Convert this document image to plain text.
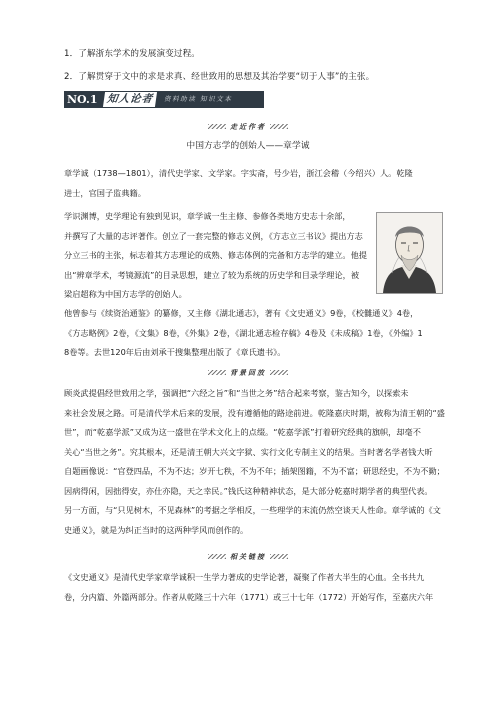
1．了解浙东学术的发展演变过程。
2．了解贯穿于文中的求是求真、经世致用的思想及其治学要“切于人事”的主张。
NO.1 知人论者	资料助读 知识文本
走近作者
中国方志学的创始人——章学诚
章学诚（1738—1801），清代史学家、文学家。字实斋，号少岩，浙江会稽（今绍兴）人。乾隆
进士，官国子监典籍。
学识渊博，史学理论有独到见识，章学诚一生主修、参修各类地方史志十余部，
并撰写了大量的志评著作。创立了一套完整的修志义例，《方志立三书议》提出方志
分立三书的主张，标志着其方志理论的成熟、修志体例的完备和方志学的建立。他提
出“辨章学术，考镜源流”的目录思想，建立了较为系统的历史学和目录学理论，被
梁启超称为中国方志学的创始人。
他曾参与《续资治通鉴》的纂修，又主修《湖北通志》，著有《文史通义》9卷，《校雠通义》4卷，
《方志略例》2卷，《文集》8卷，《外集》2卷，《湖北通志检存稿》4卷及《未成稿》1卷，《外编》1
8卷等。去世120年后由刘承干搜集整理出版了《章氏遗书》。
背景回放
顾炎武提倡经世致用之学，强调把“六经之旨”和“当世之务”结合起来考察，鉴古知今，以探索未
来社会发展之路。可是清代学术后来的发展，没有遵循他的路途前进。乾隆嘉庆时期，被称为清王朝的“盛
世”，而“乾嘉学派”又成为这一盛世在学术文化上的点缀。“乾嘉学派”打着研究经典的旗帜，却毫不
关心“当世之务”。究其根本，还是清王朝大兴文字狱、实行文化专制主义的结果。当时著名学者钱大昕
自题画像说：“官登四品，不为不达；岁开七秩，不为不年；插架图籍，不为不富；研思经史，不为不勤；
因病得闲，因拙得安，亦仕亦隐，天之幸民。”钱氏这种精神状态，是大部分乾嘉时期学者的典型代表。
另一方面，与“只见树木，不见森林”的考据之学相反，一些理学的末流仍然空谈天人性命。章学诚的《文
史通义》，就是为纠正当时的这两种学风而创作的。
相关链接
《文史通义》是清代史学家章学诚积一生学力著成的史学论著，凝聚了作者大半生的心血。全书共九
卷，分内篇、外篇两部分。作者从乾隆三十六年（1771）或三十七年（1772）开始写作，至嘉庆六年
